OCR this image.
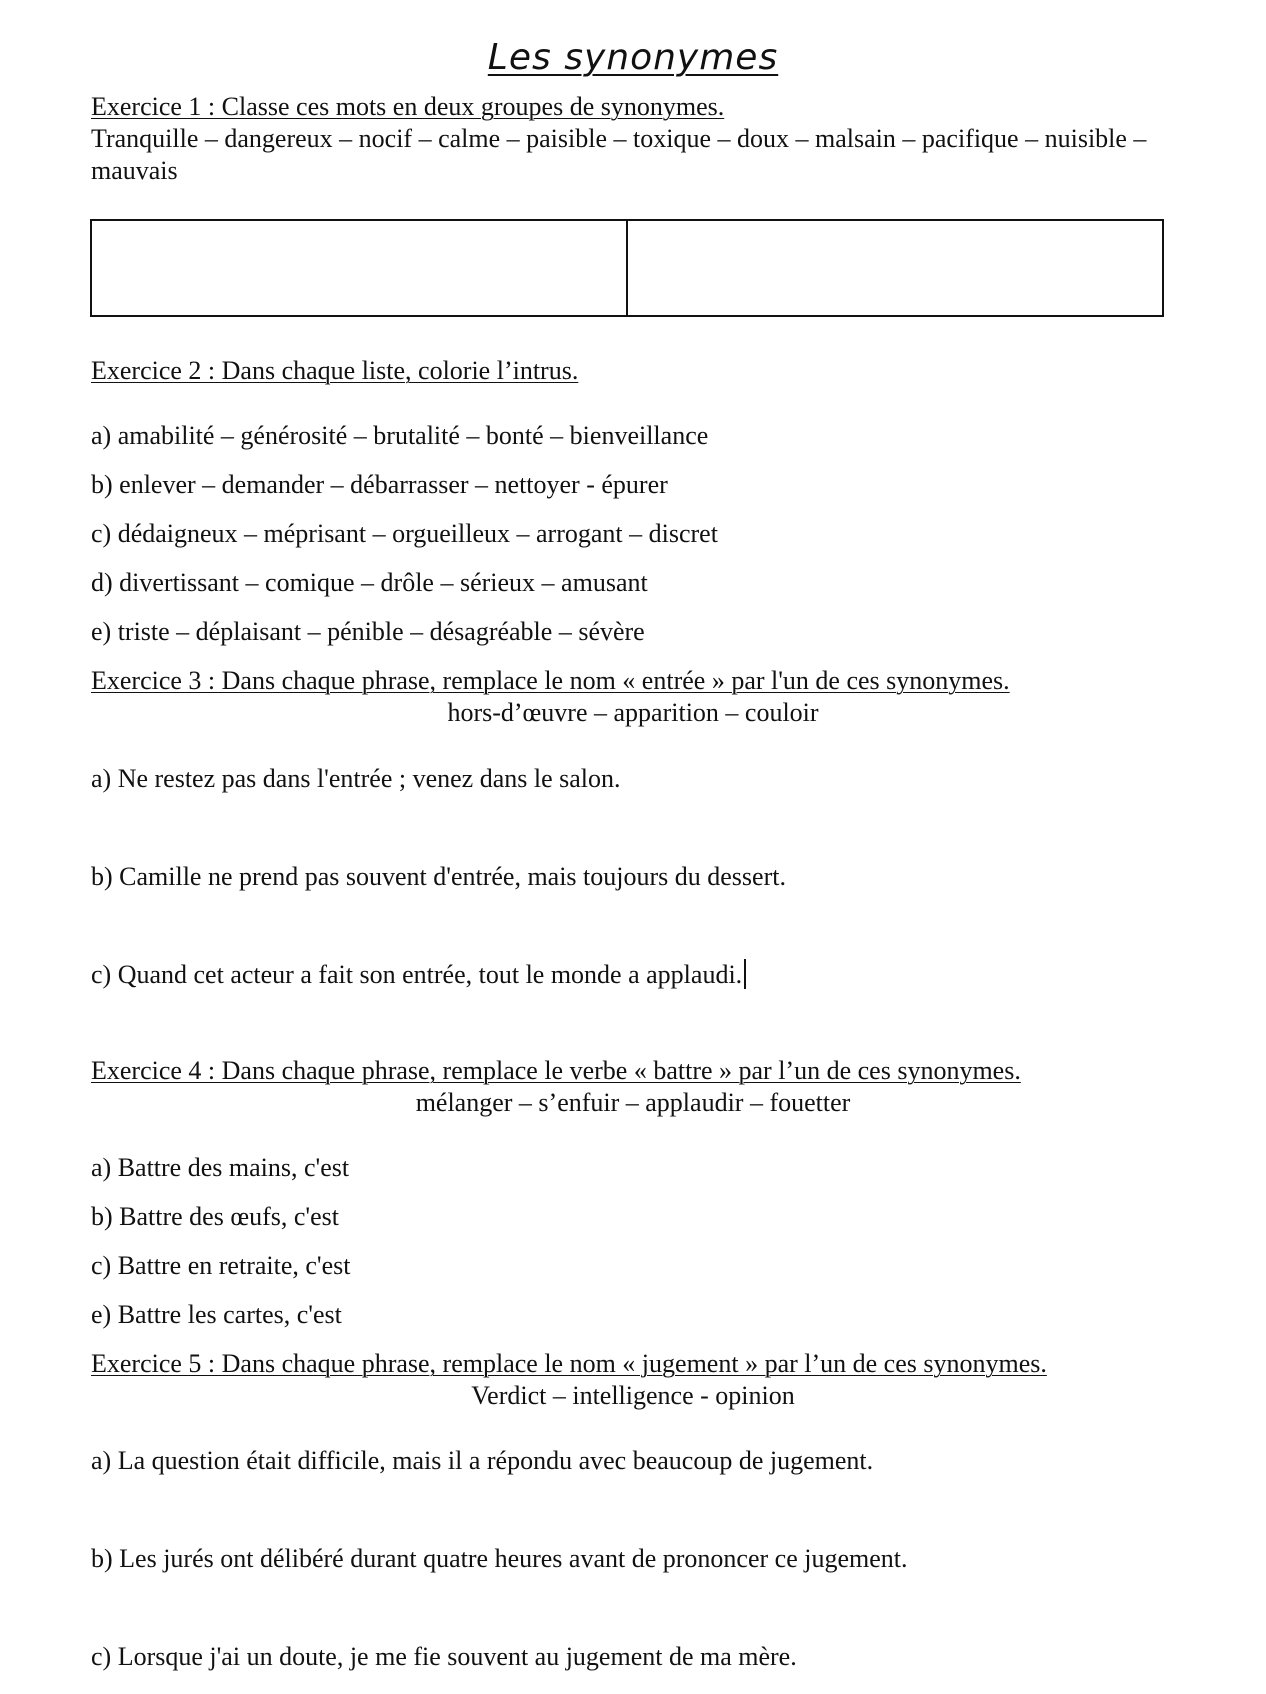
Les synonymes
Exercice 1 : Classe ces mots en deux groupes de synonymes.
Tranquille – dangereux – nocif – calme – paisible – toxique – doux – malsain – pacifique – nuisible – mauvais
Exercice 2 : Dans chaque liste, colorie l’intrus.
a) amabilité – générosité – brutalité – bonté – bienveillance
b) enlever – demander – débarrasser – nettoyer - épurer
c) dédaigneux – méprisant – orgueilleux – arrogant – discret
d) divertissant – comique – drôle – sérieux – amusant
e) triste – déplaisant – pénible – désagréable – sévère
Exercice 3 : Dans chaque phrase, remplace le nom « entrée » par l'un de ces synonymes.
hors-d’œuvre – apparition – couloir
a) Ne restez pas dans l'entrée ; venez dans le salon.
b) Camille ne prend pas souvent d'entrée, mais toujours du dessert.
c) Quand cet acteur a fait son entrée, tout le monde a applaudi.
Exercice 4 : Dans chaque phrase, remplace le verbe « battre » par l’un de ces synonymes.
mélanger – s’enfuir – applaudir – fouetter
a) Battre des mains, c'est
b) Battre des œufs, c'est
c) Battre en retraite, c'est
e) Battre les cartes, c'est
Exercice 5 : Dans chaque phrase, remplace le nom « jugement » par l’un de ces synonymes.
Verdict – intelligence - opinion
a) La question était difficile, mais il a répondu avec beaucoup de jugement.
b) Les jurés ont délibéré durant quatre heures avant de prononcer ce jugement.
c) Lorsque j'ai un doute, je me fie souvent au jugement de ma mère.
